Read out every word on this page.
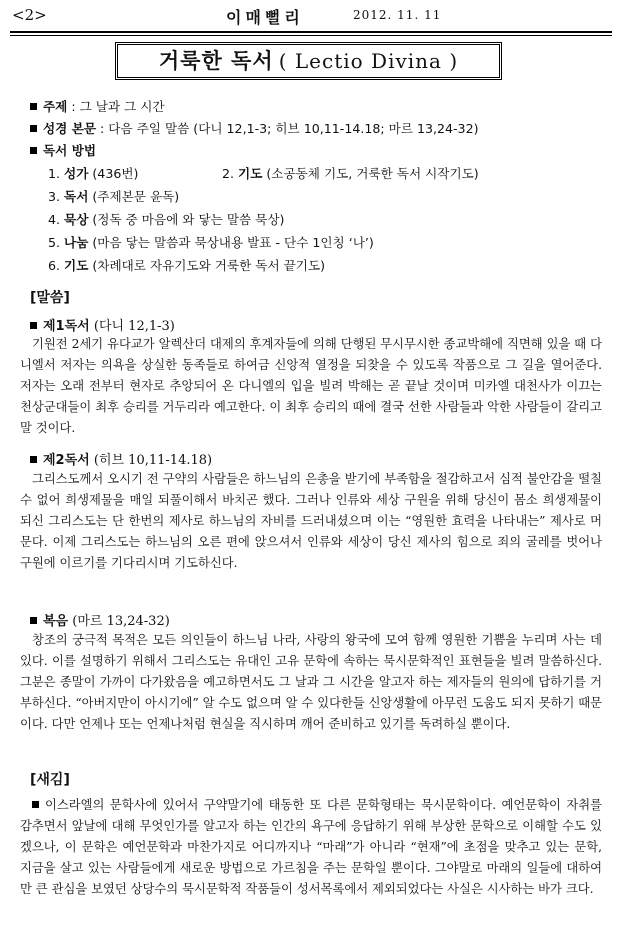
<2>	이매뻘리	2012. 11. 11
거룩한 독서 ( Lectio Divina )
주제 : 그 날과 그 시간
성경 본문 : 다음 주일 말씀 (다니 12,1-3; 히브 10,11-14.18; 마르 13,24-32)
독서 방법
1. 성가 (436번)	2. 기도 (소공동체 기도, 거룩한 독서 시작기도)
3. 독서 (주제본문 윤독)
4. 묵상 (정독 중 마음에 와 닿는 말씀 묵상)
5. 나눔 (마음 닿는 말씀과 묵상내용 발표 - 단수 1인칭 ‘나’)
6. 기도 (차례대로 자유기도와 거룩한 독서 끝기도)
[말씀]
제1독서 (다니 12,1-3)
기원전 2세기 유다교가 알렉산더 대제의 후계자들에 의해 단행된 무시무시한 종교박해에 직면해 있을 때 다니엘서 저자는 의욕을 상실한 동족들로 하여금 신앙적 열정을 되찾을 수 있도록 작품으로 그 길을 열어준다. 저자는 오래 전부터 현자로 추앙되어 온 다니엘의 입을 빌려 박해는 곧 끝날 것이며 미카엘 대천사가 이끄는 천상군대들이 최후 승리를 거두리라 예고한다. 이 최후 승리의 때에 결국 선한 사람들과 악한 사람들이 갈리고 말 것이다.
제2독서 (히브 10,11-14.18)
그리스도께서 오시기 전 구약의 사람들은 하느님의 은총을 받기에 부족함을 절감하고서 심적 불안감을 떨칠 수 없어 희생제물을 매일 되풀이해서 바치곤 했다. 그러나 인류와 세상 구원을 위해 당신이 몸소 희생제물이 되신 그리스도는 단 한번의 제사로 하느님의 자비를 드러내셨으며 이는 “영원한 효력을 나타내는” 제사로 머문다. 이제 그리스도는 하느님의 오른 편에 앉으셔서 인류와 세상이 당신 제사의 힘으로 죄의 굴레를 벗어나 구원에 이르기를 기다리시며 기도하신다.
복음 (마르 13,24-32)
창조의 궁극적 목적은 모든 의인들이 하느님 나라, 사랑의 왕국에 모여 함께 영원한 기쁨을 누리며 사는 데 있다. 이를 설명하기 위해서 그리스도는 유대인 고유 문학에 속하는 묵시문학적인 표현들을 빌려 말씀하신다. 그분은 종말이 가까이 다가왔음을 예고하면서도 그 날과 그 시간을 알고자 하는 제자들의 원의에 답하기를 거부하신다. “아버지만이 아시기에” 알 수도 없으며 알 수 있다한들 신앙생활에 아무런 도움도 되지 못하기 때문이다. 다만 언제나 또는 언제나처럼 현실을 직시하며 깨어 준비하고 있기를 독려하실 뿐이다.
[새김]
이스라엘의 문학사에 있어서 구약말기에 태동한 또 다른 문학형태는 묵시문학이다. 예언문학이 자취를 감추면서 앞날에 대해 무엇인가를 알고자 하는 인간의 욕구에 응답하기 위해 부상한 문학으로 이해할 수도 있겠으나, 이 문학은 예언문학과 마찬가지로 어디까지나 “마래”가 아니라 “현재”에 초점을 맞추고 있는 문학, 지금을 살고 있는 사람들에게 새로운 방법으로 가르침을 주는 문학일 뿐이다. 그야말로 마래의 일들에 대하여만 큰 관심을 보였던 상당수의 묵시문학적 작품들이 성서목록에서 제외되었다는 사실은 시사하는 바가 크다.
